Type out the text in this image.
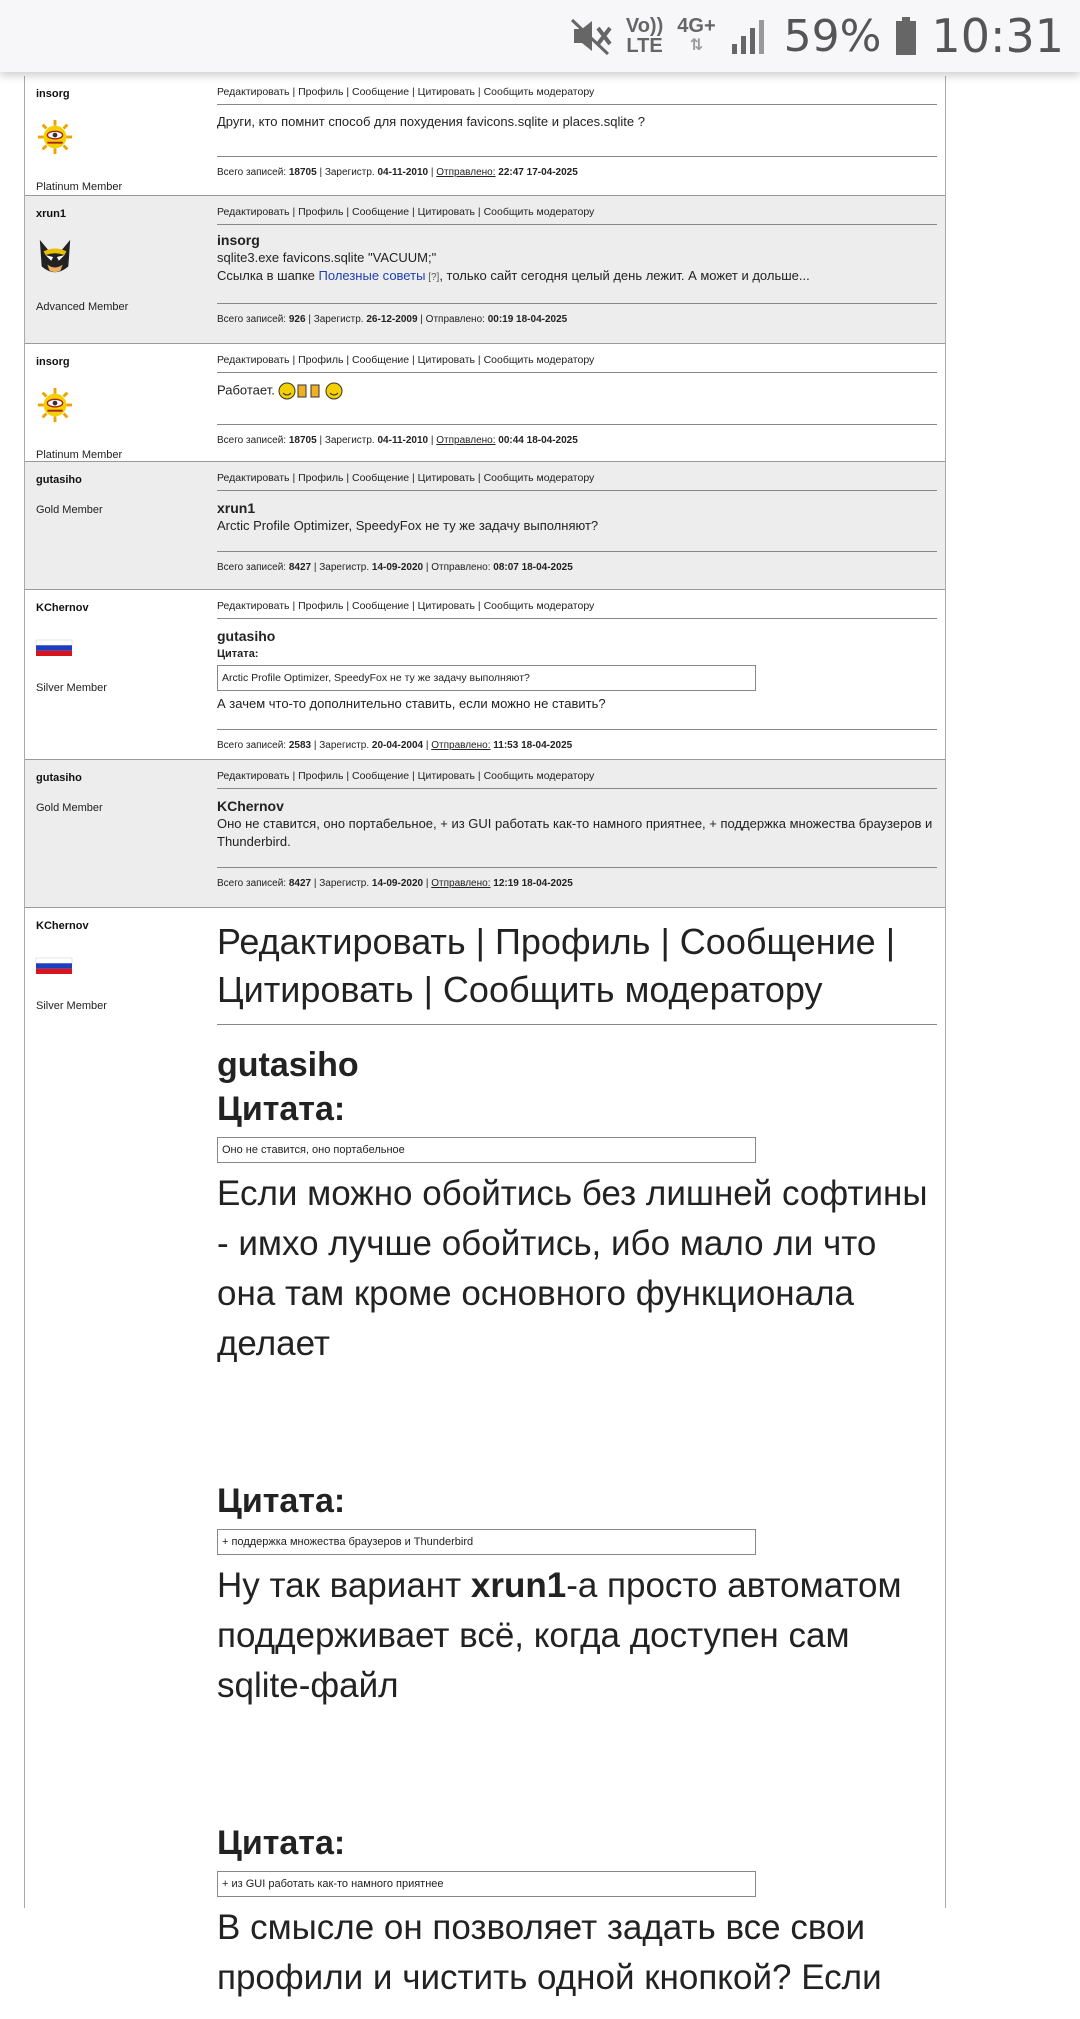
Vo))
LTE
4G+
⇅ 59% 10:31
insorg
Platinum Member
Редактировать | Профиль | Сообщение | Цитировать | Сообщить модератору
Други, кто помнит способ для похудения favicons.sqlite и places.sqlite ?
Всего записей: 18705 | Зарегистр. 04-11-2010 | Отправлено: 22:47 17-04-2025
xrun1
Advanced Member
Редактировать | Профиль | Сообщение | Цитировать | Сообщить модератору
insorg
sqlite3.exe favicons.sqlite "VACUUM;"
Ссылка в шапке Полезные советы [?], только сайт сегодня целый день лежит. А может и дольше...
Всего записей: 926 | Зарегистр. 26-12-2009 | Отправлено: 00:19 18-04-2025
insorg
Platinum Member
Редактировать | Профиль | Сообщение | Цитировать | Сообщить модератору
Работает.
Всего записей: 18705 | Зарегистр. 04-11-2010 | Отправлено: 00:44 18-04-2025
gutasiho
Gold Member
Редактировать | Профиль | Сообщение | Цитировать | Сообщить модератору
xrun1
Arctic Profile Optimizer, SpeedyFox не ту же задачу выполняют?
Всего записей: 8427 | Зарегистр. 14-09-2020 | Отправлено: 08:07 18-04-2025
KChernov
Silver Member
Редактировать | Профиль | Сообщение | Цитировать | Сообщить модератору
gutasiho
Цитата:
Arctic Profile Optimizer, SpeedyFox не ту же задачу выполняют?
А зачем что-то дополнительно ставить, если можно не ставить?
Всего записей: 2583 | Зарегистр. 20-04-2004 | Отправлено: 11:53 18-04-2025
gutasiho
Gold Member
Редактировать | Профиль | Сообщение | Цитировать | Сообщить модератору
KChernov
Оно не ставится, оно портабельное, + из GUI работать как-то намного приятнее, + поддержка множества браузеров и Thunderbird.
Всего записей: 8427 | Зарегистр. 14-09-2020 | Отправлено: 12:19 18-04-2025
KChernov
Silver Member
Редактировать | Профиль | Сообщение | Цитировать | Сообщить модератору
gutasiho
Цитата:
Оно не ставится, оно портабельное
Если можно обойтись без лишней софтины - имхо лучше обойтись, ибо мало ли что она там кроме основного функционала делает
Цитата:
+ поддержка множества браузеров и Thunderbird
Ну так вариант xrun1-а просто автоматом поддерживает всё, когда доступен сам sqlite-файл
Цитата:
+ из GUI работать как-то намного приятнее
В смысле он позволяет задать все свои профили и чистить одной кнопкой? Если
